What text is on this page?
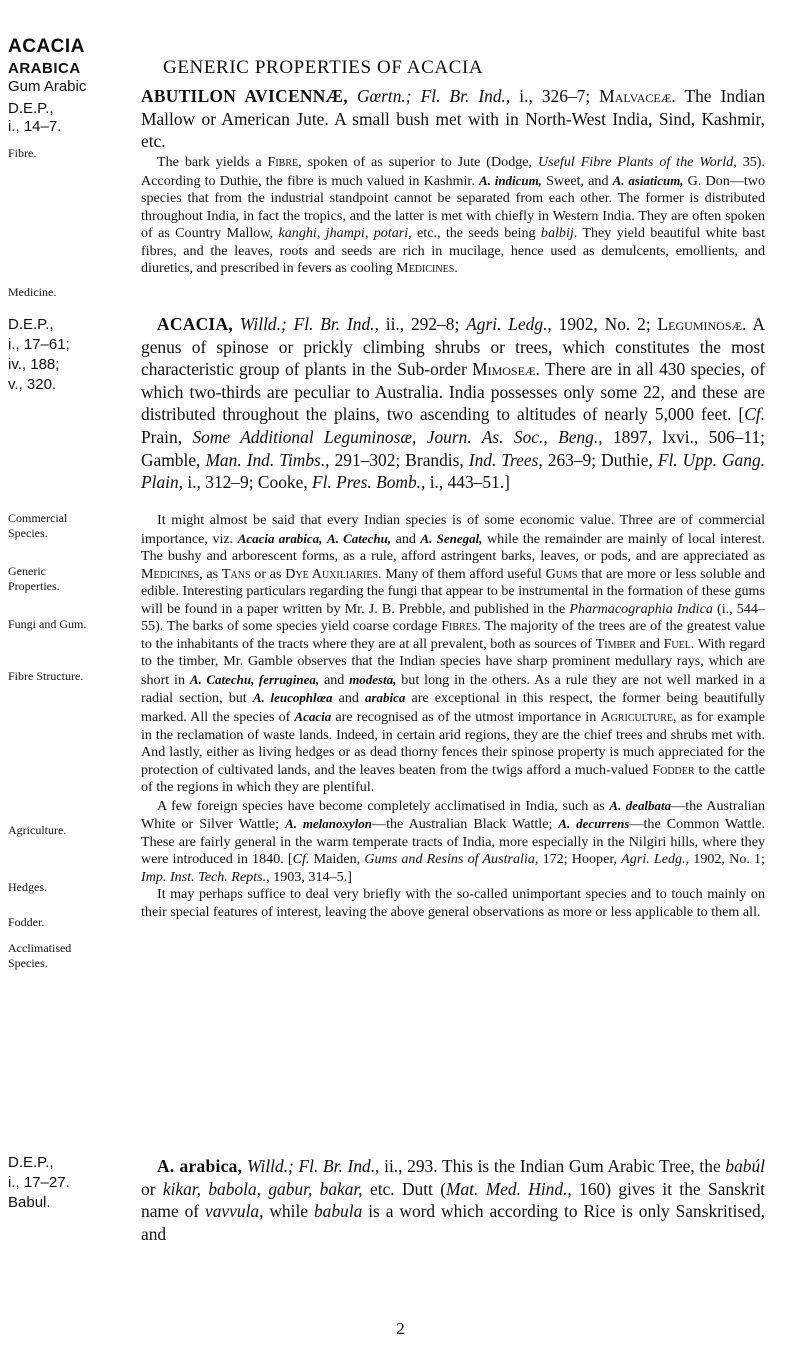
ACACIA
ARABICA
Gum Arabic
GENERIC PROPERTIES OF ACACIA
D.E.P.,
i., 14–7.
Fibre.
Medicine.
D.E.P.,
i., 17–61;
iv., 188;
v., 320.
Commercial
Species.
Generic
Properties.
Fungi and Gum.
Fibre Structure.
Agriculture.
Hedges.
Fodder.
Acclimatised
Species.
D.E.P.,
i., 17–27.
Babul.

ABUTILON AVICENNÆ, Gœrtn.; Fl. Br. Ind., i., 326–7; Malvaceæ. The Indian Mallow or American Jute. A small bush met with in North-West India, Sind, Kashmir, etc.

The bark yields a Fibre, spoken of as superior to Jute (Dodge, Useful Fibre Plants of the World, 35). According to Duthie, the fibre is much valued in Kashmir. A. indicum, Sweet, and A. asiaticum, G. Don—two species that from the industrial standpoint cannot be separated from each other. The former is distributed throughout India, in fact the tropics, and the latter is met with chiefly in Western India. They are often spoken of as Country Mallow, kanghi, jhampi, potari, etc., the seeds being balbij. They yield beautiful white bast fibres, and the leaves, roots and seeds are rich in mucilage, hence used as demulcents, emollients, and diuretics, and prescribed in fevers as cooling Medicines.

ACACIA, Willd.; Fl. Br. Ind., ii., 292–8; Agri. Ledg., 1902, No. 2; Leguminosæ. A genus of spinose or prickly climbing shrubs or trees, which constitutes the most characteristic group of plants in the Sub-order Mimoseæ. There are in all 430 species, of which two-thirds are peculiar to Australia. India possesses only some 22, and these are distributed throughout the plains, two ascending to altitudes of nearly 5,000 feet. [Cf. Prain, Some Additional Leguminosæ, Journ. As. Soc., Beng., 1897, lxvi., 506–11; Gamble, Man. Ind. Timbs., 291–302; Brandis, Ind. Trees, 263–9; Duthie, Fl. Upp. Gang. Plain, i., 312–9; Cooke, Fl. Pres. Bomb., i., 443–51.]

It might almost be said that every Indian species is of some economic value. Three are of commercial importance, viz. Acacia arabica, A. Catechu, and A. Senegal, while the remainder are mainly of local interest. The bushy and arborescent forms, as a rule, afford astringent barks, leaves, or pods, and are appreciated as Medicines, as Tans or as Dye Auxiliaries. Many of them afford useful Gums that are more or less soluble and edible. Interesting particulars regarding the fungi that appear to be instrumental in the formation of these gums will be found in a paper written by Mr. J. B. Prebble, and published in the Pharmacographia Indica (i., 544–55). The barks of some species yield coarse cordage Fibres. The majority of the trees are of the greatest value to the inhabitants of the tracts where they are at all prevalent, both as sources of Timber and Fuel. With regard to the timber, Mr. Gamble observes that the Indian species have sharp prominent medullary rays, which are short in A. Catechu, ferruginea, and modesta, but long in the others. As a rule they are not well marked in a radial section, but A. leucophlœa and arabica are exceptional in this respect, the former being beautifully marked. All the species of Acacia are recognised as of the utmost importance in Agriculture, as for example in the reclamation of waste lands. Indeed, in certain arid regions, they are the chief trees and shrubs met with. And lastly, either as living hedges or as dead thorny fences their spinose property is much appreciated for the protection of cultivated lands, and the leaves beaten from the twigs afford a much-valued Fodder to the cattle of the regions in which they are plentiful.

A few foreign species have become completely acclimatised in India, such as A. dealbata—the Australian White or Silver Wattle; A. melanoxylon—the Australian Black Wattle; A. decurrens—the Common Wattle. These are fairly general in the warm temperate tracts of India, more especially in the Nilgiri hills, where they were introduced in 1840. [Cf. Maiden, Gums and Resins of Australia, 172; Hooper, Agri. Ledg., 1902, No. 1; Imp. Inst. Tech. Repts., 1903, 314–5.]

It may perhaps suffice to deal very briefly with the so-called unimportant species and to touch mainly on their special features of interest, leaving the above general observations as more or less applicable to them all.

A. arabica, Willd.; Fl. Br. Ind., ii., 293. This is the Indian Gum Arabic Tree, the babúl or kikar, babola, gabur, bakar, etc. Dutt (Mat. Med. Hind., 160) gives it the Sanskrit name of vavvula, while babula is a word which according to Rice is only Sanskritised, and

2
